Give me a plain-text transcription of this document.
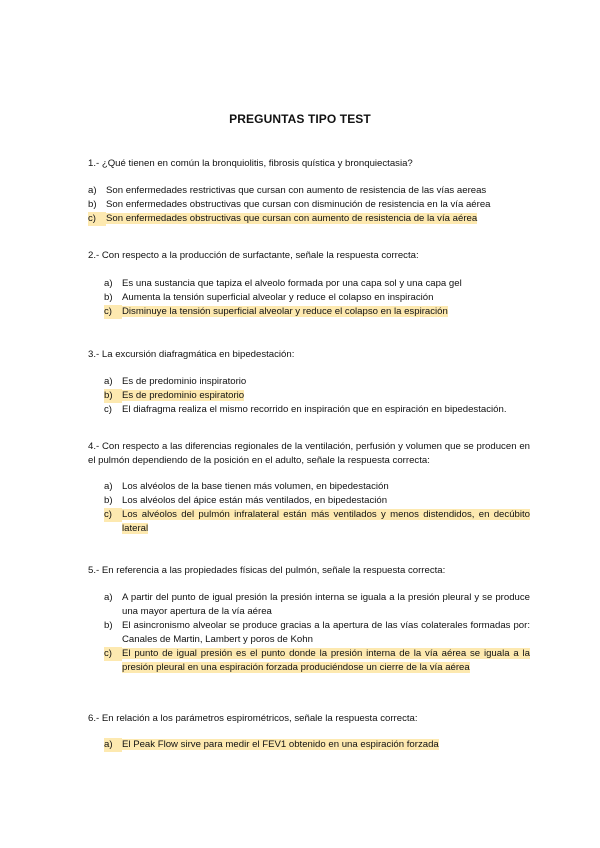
PREGUNTAS TIPO TEST

1.- ¿Qué tienen en común la bronquiolitis, fibrosis quística y bronquiectasia?

a) Son enfermedades restrictivas que cursan con aumento de resistencia de las vías aereas
b) Son enfermedades obstructivas que cursan con disminución de resistencia en la vía aérea
c)	Son enfermedades obstructivas que cursan con aumento de resistencia de la vía aérea

2.- Con respecto a la producción de surfactante, señale la respuesta correcta:

a) Es una sustancia que tapiza el alveolo formada por una capa sol y una capa gel
b) Aumenta la tensión superficial alveolar y reduce el colapso en inspiración
c)	Disminuye la tensión superficial alveolar y reduce el colapso en la espiración

3.- La excursión diafragmática en bipedestación:

a) Es de predominio inspiratorio
b) Es de predominio espiratorio
c)	El diafragma realiza el mismo recorrido en inspiración que en espiración en bipedestación.

4.- Con respecto a las diferencias regionales de la ventilación, perfusión y volumen que se producen en el pulmón dependiendo de la posición en el adulto, señale la respuesta correcta:

a) Los alvéolos de la base tienen más volumen, en bipedestación
b) Los alvéolos del ápice están más ventilados, en bipedestación
c)	Los alvéolos del pulmón infralateral están más ventilados y menos distendidos, en decúbito lateral

5.- En referencia a las propiedades físicas del pulmón, señale la respuesta correcta:

a) A partir del punto de igual presión la presión interna se iguala a la presión pleural y se produce una mayor apertura de la vía aérea
b) El asincronismo alveolar se produce gracias a la apertura de las vías colaterales formadas por: Canales de Martin, Lambert y poros de Kohn
c)	El punto de igual presión es el punto donde la presión interna de la vía aérea se iguala a la presión pleural en una espiración forzada produciéndose un cierre de la vía aérea

6.- En relación a los parámetros espirométricos, señale la respuesta correcta:

a) El Peak Flow sirve para medir el FEV1 obtenido en una espiración forzada
